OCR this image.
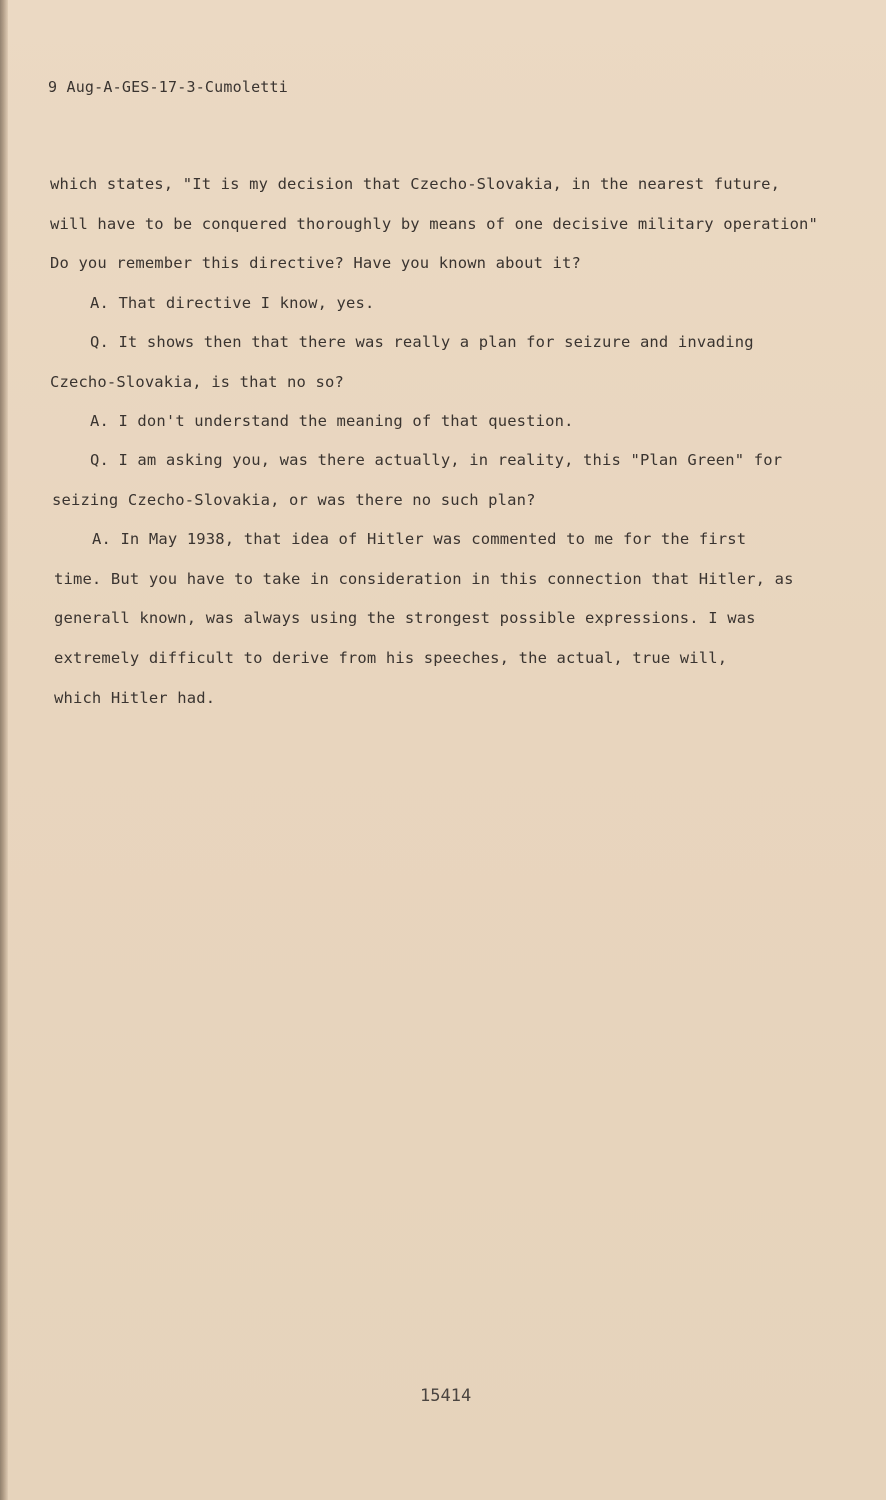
9 Aug-A-GES-17-3-Cumoletti
which states, "It is my decision that Czecho-Slovakia, in the nearest future,
will have to be conquered thoroughly by means of one decisive military operation"
Do you remember this directive? Have you known about it?
A. That directive I know, yes.
Q. It shows then that there was really a plan for seizure and invading
Czecho-Slovakia, is that no so?
A. I don't understand the meaning of that question.
Q. I am asking you, was there actually, in reality, this "Plan Green" for
seizing Czecho-Slovakia, or was there no such plan?
A. In May 1938, that idea of Hitler was commented to me for the first
time. But you have to take in consideration in this connection that Hitler, as
generall known, was always using the strongest possible expressions. I was
extremely difficult to derive from his speeches, the actual, true will,
which Hitler had.
15414
